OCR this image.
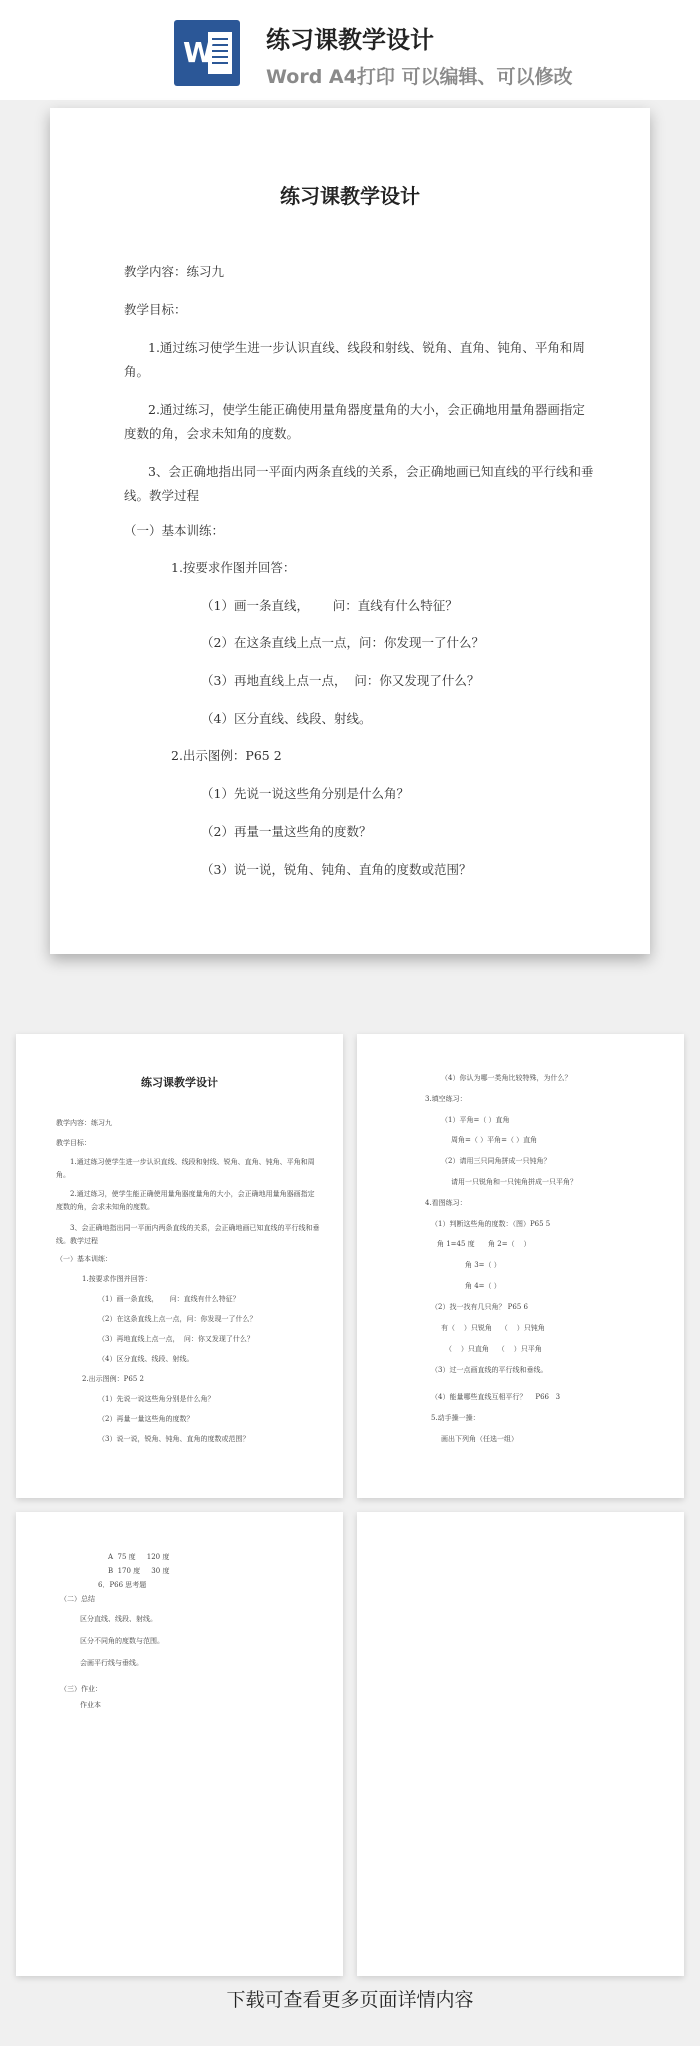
W 练习课教学设计
Word A4打印 可以编辑、可以修改
练习课教学设计
教学内容：练习九
教学目标：
1.通过练习使学生进一步认识直线、线段和射线、锐角、直角、钝角、平角和周
角。
2.通过练习，使学生能正确使用量角器度量角的大小，会正确地用量角器画指定
度数的角，会求未知角的度数。
3、会正确地指出同一平面内两条直线的关系，会正确地画已知直线的平行线和垂
线。教学过程
（一）基本训练：
1.按要求作图并回答：
（1）画一条直线，      问：直线有什么特征？
（2）在这条直线上点一点，问：你发现一了什么？
（3）再地直线上点一点，  问：你又发现了什么？
（4）区分直线、线段、射线。
2.出示图例：P65 2
（1）先说一说这些角分别是什么角？
（2）再量一量这些角的度数？
（3）说一说，锐角、钝角、直角的度数或范围？
练习课教学设计
教学内容：练习九
教学目标：
1.通过练习使学生进一步认识直线、线段和射线、锐角、直角、钝角、平角和周
角。
2.通过练习，使学生能正确使用量角器度量角的大小，会正确地用量角器画指定
度数的角，会求未知角的度数。
3、会正确地指出同一平面内两条直线的关系，会正确地画已知直线的平行线和垂
线。教学过程
（一）基本训练：
1.按要求作图并回答：
（1）画一条直线，     问：直线有什么特征？
（2）在这条直线上点一点，问：你发现一了什么？
（3）再地直线上点一点，  问：你又发现了什么？
（4）区分直线、线段、射线。
2.出示图例：P65 2
（1）先说一说这些角分别是什么角？
（2）再量一量这些角的度数？
（3）说一说，锐角、钝角、直角的度数或范围？
（4）你认为哪一类角比较特殊，为什么？
3.填空练习：
（1）平角=（ ）直角
周角=（ ）平角=（ ）直角
（2）请用三只同角拼成一只钝角？
请用一只锐角和一只钝角拼成一只平角？
4.看图练习：
（1）判断这些角的度数：（图）P65 5
角 1=45 度      角 2=（    ）
角 3=（ ）
角 4=（ ）
（2）找一找有几只角？ P65 6
有（    ）只锐角    （    ）只钝角
（    ）只直角    （    ）只平角
（3）过一点画直线的平行线和垂线。
（4）能量哪些直线互相平行？    P66   3
5.动手操一操：
画出下列角（任选一组）
A  75 度     120 度
B  170 度     30 度
6．P66 思考题
（二）总结
区分直线、线段、射线。
区分不同角的度数与范围。
会画平行线与垂线。
（三）作业：
作业本
下载可查看更多页面详情内容
